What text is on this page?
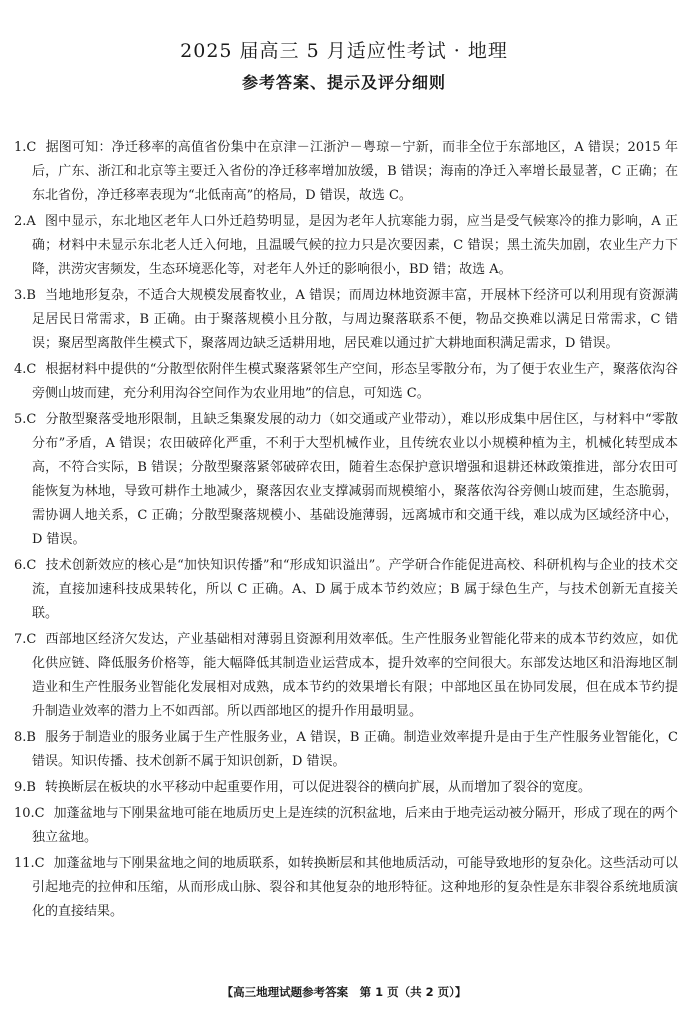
2025 届高三 5 月适应性考试 · 地理
参考答案、提示及评分细则

1.C 据图可知：净迁移率的高值省份集中在京津－江浙沪－粤琼－宁新，而非全位于东部地区，A 错误；2015 年后，广东、浙江和北京等主要迁入省份的净迁移率增加放缓，B 错误；海南的净迁入率增长最显著，C 正确；在东北省份，净迁移率表现为“北低南高”的格局，D 错误，故选 C。

2.A 图中显示，东北地区老年人口外迁趋势明显，是因为老年人抗寒能力弱，应当是受气候寒冷的推力影响，A 正确；材料中未显示东北老人迁入何地，且温暖气候的拉力只是次要因素，C 错误；黑土流失加剧，农业生产力下降，洪涝灾害频发，生态环境恶化等，对老年人外迁的影响很小，BD 错；故选 A。

3.B 当地地形复杂，不适合大规模发展畜牧业，A 错误；而周边林地资源丰富，开展林下经济可以利用现有资源满足居民日常需求，B 正确。由于聚落规模小且分散，与周边聚落联系不便，物品交换难以满足日常需求，C 错误；聚居型离散伴生模式下，聚落周边缺乏适耕用地，居民难以通过扩大耕地面积满足需求，D 错误。

4.C 根据材料中提供的“分散型依附伴生模式聚落紧邻生产空间，形态呈零散分布，为了便于农业生产，聚落依沟谷旁侧山坡而建，充分利用沟谷空间作为农业用地”的信息，可知选 C。

5.C 分散型聚落受地形限制，且缺乏集聚发展的动力（如交通或产业带动），难以形成集中居住区，与材料中“零散分布”矛盾，A 错误；农田破碎化严重，不利于大型机械作业，且传统农业以小规模种植为主，机械化转型成本高，不符合实际，B 错误；分散型聚落紧邻破碎农田，随着生态保护意识增强和退耕还林政策推进，部分农田可能恢复为林地，导致可耕作土地减少，聚落因农业支撑减弱而规模缩小，聚落依沟谷旁侧山坡而建，生态脆弱，需协调人地关系，C 正确；分散型聚落规模小、基础设施薄弱，远离城市和交通干线，难以成为区域经济中心，D 错误。

6.C 技术创新效应的核心是“加快知识传播”和“形成知识溢出”。产学研合作能促进高校、科研机构与企业的技术交流，直接加速科技成果转化，所以 C 正确。A、D 属于成本节约效应；B 属于绿色生产，与技术创新无直接关联。

7.C 西部地区经济欠发达，产业基础相对薄弱且资源利用效率低。生产性服务业智能化带来的成本节约效应，如优化供应链、降低服务价格等，能大幅降低其制造业运营成本，提升效率的空间很大。东部发达地区和沿海地区制造业和生产性服务业智能化发展相对成熟，成本节约的效果增长有限；中部地区虽在协同发展，但在成本节约提升制造业效率的潜力上不如西部。所以西部地区的提升作用最明显。

8.B 服务于制造业的服务业属于生产性服务业，A 错误，B 正确。制造业效率提升是由于生产性服务业智能化，C 错误。知识传播、技术创新不属于知识创新，D 错误。

9.B 转换断层在板块的水平移动中起重要作用，可以促进裂谷的横向扩展，从而增加了裂谷的宽度。

10.C 加蓬盆地与下刚果盆地可能在地质历史上是连续的沉积盆地，后来由于地壳运动被分隔开，形成了现在的两个独立盆地。

11.C 加蓬盆地与下刚果盆地之间的地质联系，如转换断层和其他地质活动，可能导致地形的复杂化。这些活动可以引起地壳的拉伸和压缩，从而形成山脉、裂谷和其他复杂的地形特征。这种地形的复杂性是东非裂谷系统地质演化的直接结果。

【高三地理试题参考答案　第 1 页（共 2 页）】
